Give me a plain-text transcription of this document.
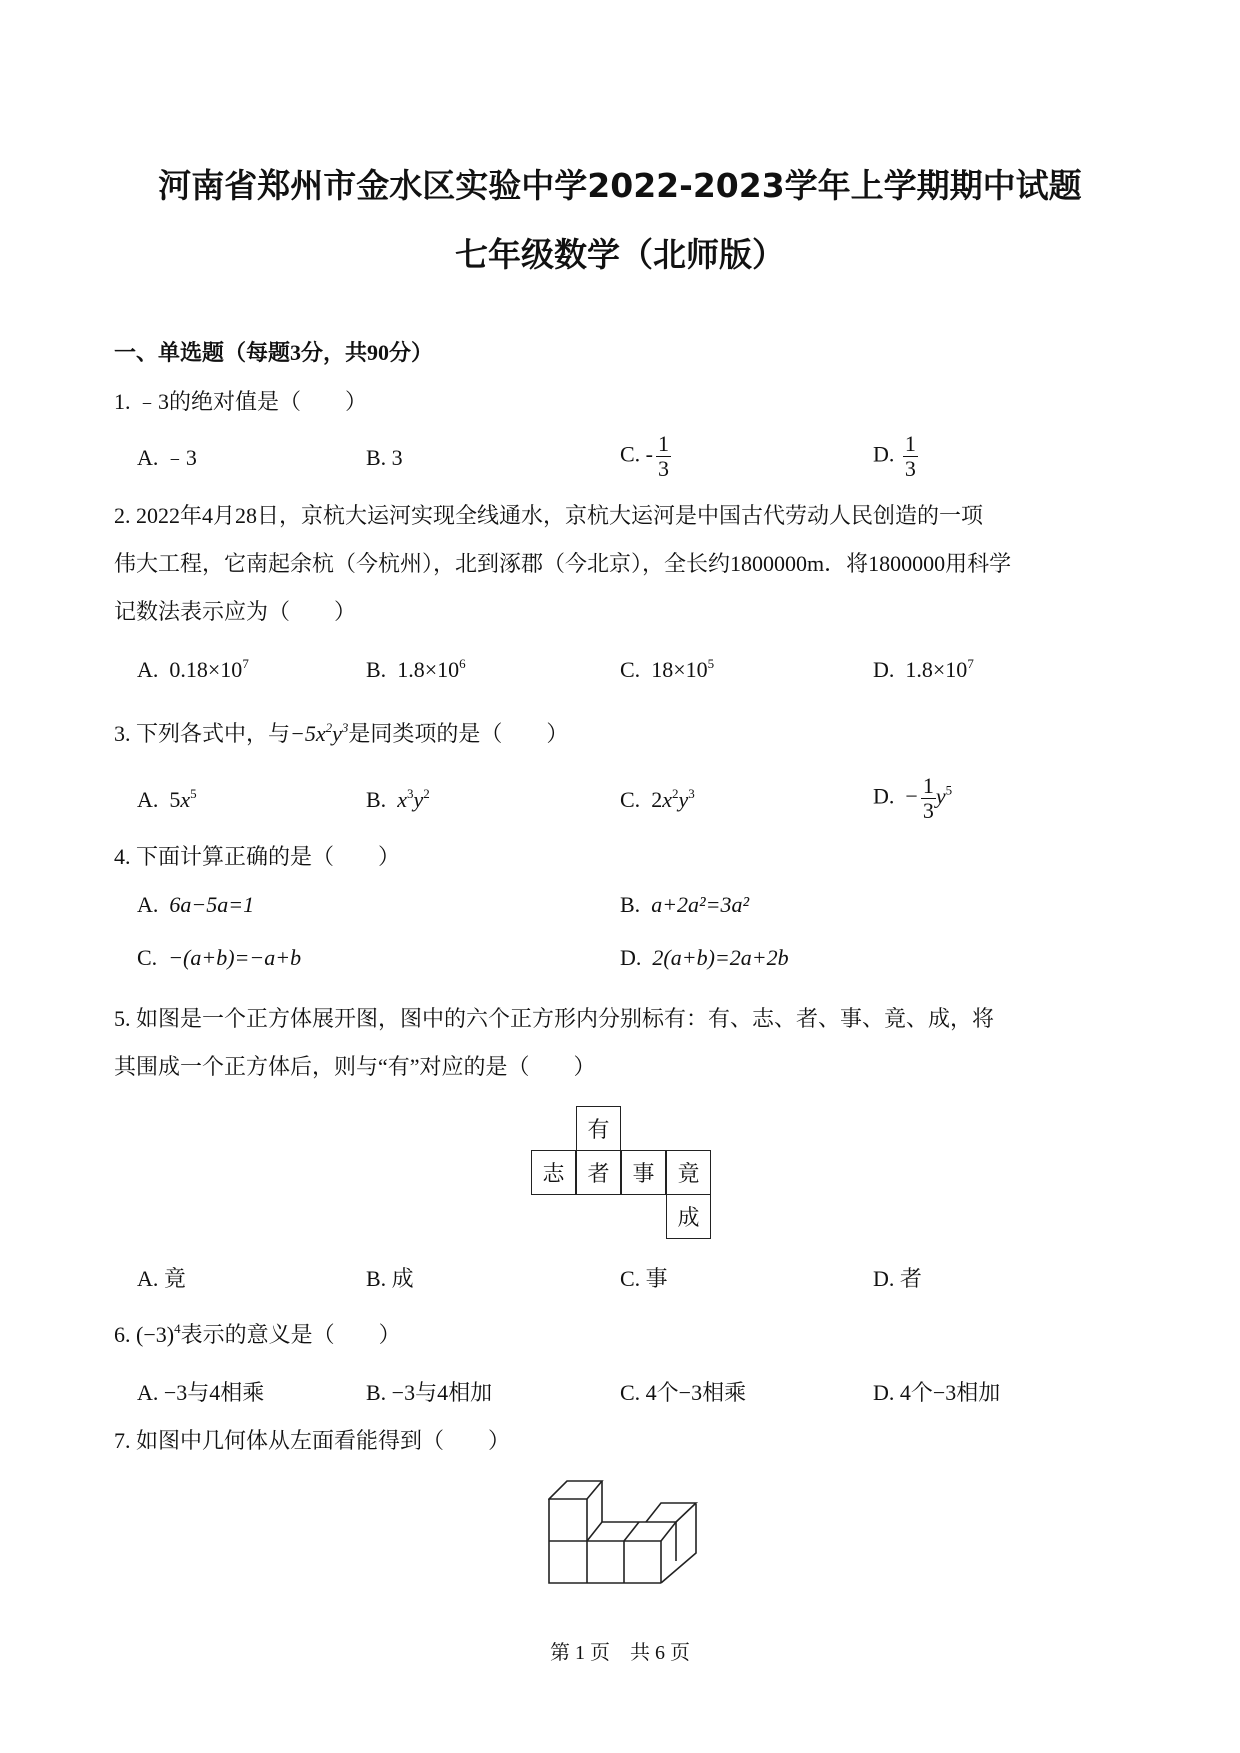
河南省郑州市金水区实验中学2022-2023学年上学期期中试题
七年级数学（北师版）
一、单选题（每题3分，共90分）
1. ﹣3的绝对值是（　　）
A. ﹣3	B. 3	C. - $\frac{1}{3}$	D. $\frac{1}{3}$
2. 2022年4月28日，京杭大运河实现全线通水，京杭大运河是中国古代劳动人民创造的一项
伟大工程，它南起余杭（今杭州），北到涿郡（今北京），全长约1800000m．将1800000用科学
记数法表示应为（　　）
A. $0.18\times 10^7$	B. $1.8\times 10^6$	C. $18\times 10^5$	D. $1.8\times 10^7$
3. 下列各式中，与$-5x^2y^3$是同类项的是（　　）
A.  $5x^5$	B. $x^3y^2$	C.  $2x^2y^3$	D.  − $\frac{1}{3} y^5$
4. 下面计算正确的是（　　）
A. 6a−5a=1	B. a+2a²=3a²
C. −(a+b)=−a+b	D. 2(a+b)=2a+2b
5. 如图是一个正方体展开图，图中的六个正方形内分别标有：有、志、者、事、竟、成，将
其围成一个正方体后，则与“有”对应的是（　　）
有
志	者	事	竟
成
A. 竟	B. 成	C. 事	D. 者
6. $(-3)^4$表示的意义是（　　）
A. −3与4相乘	B. −3与4相加	C. 4个−3相乘	D. 4个−3相加
7. 如图中几何体从左面看能得到（　　）
第 1 页　共 6 页
